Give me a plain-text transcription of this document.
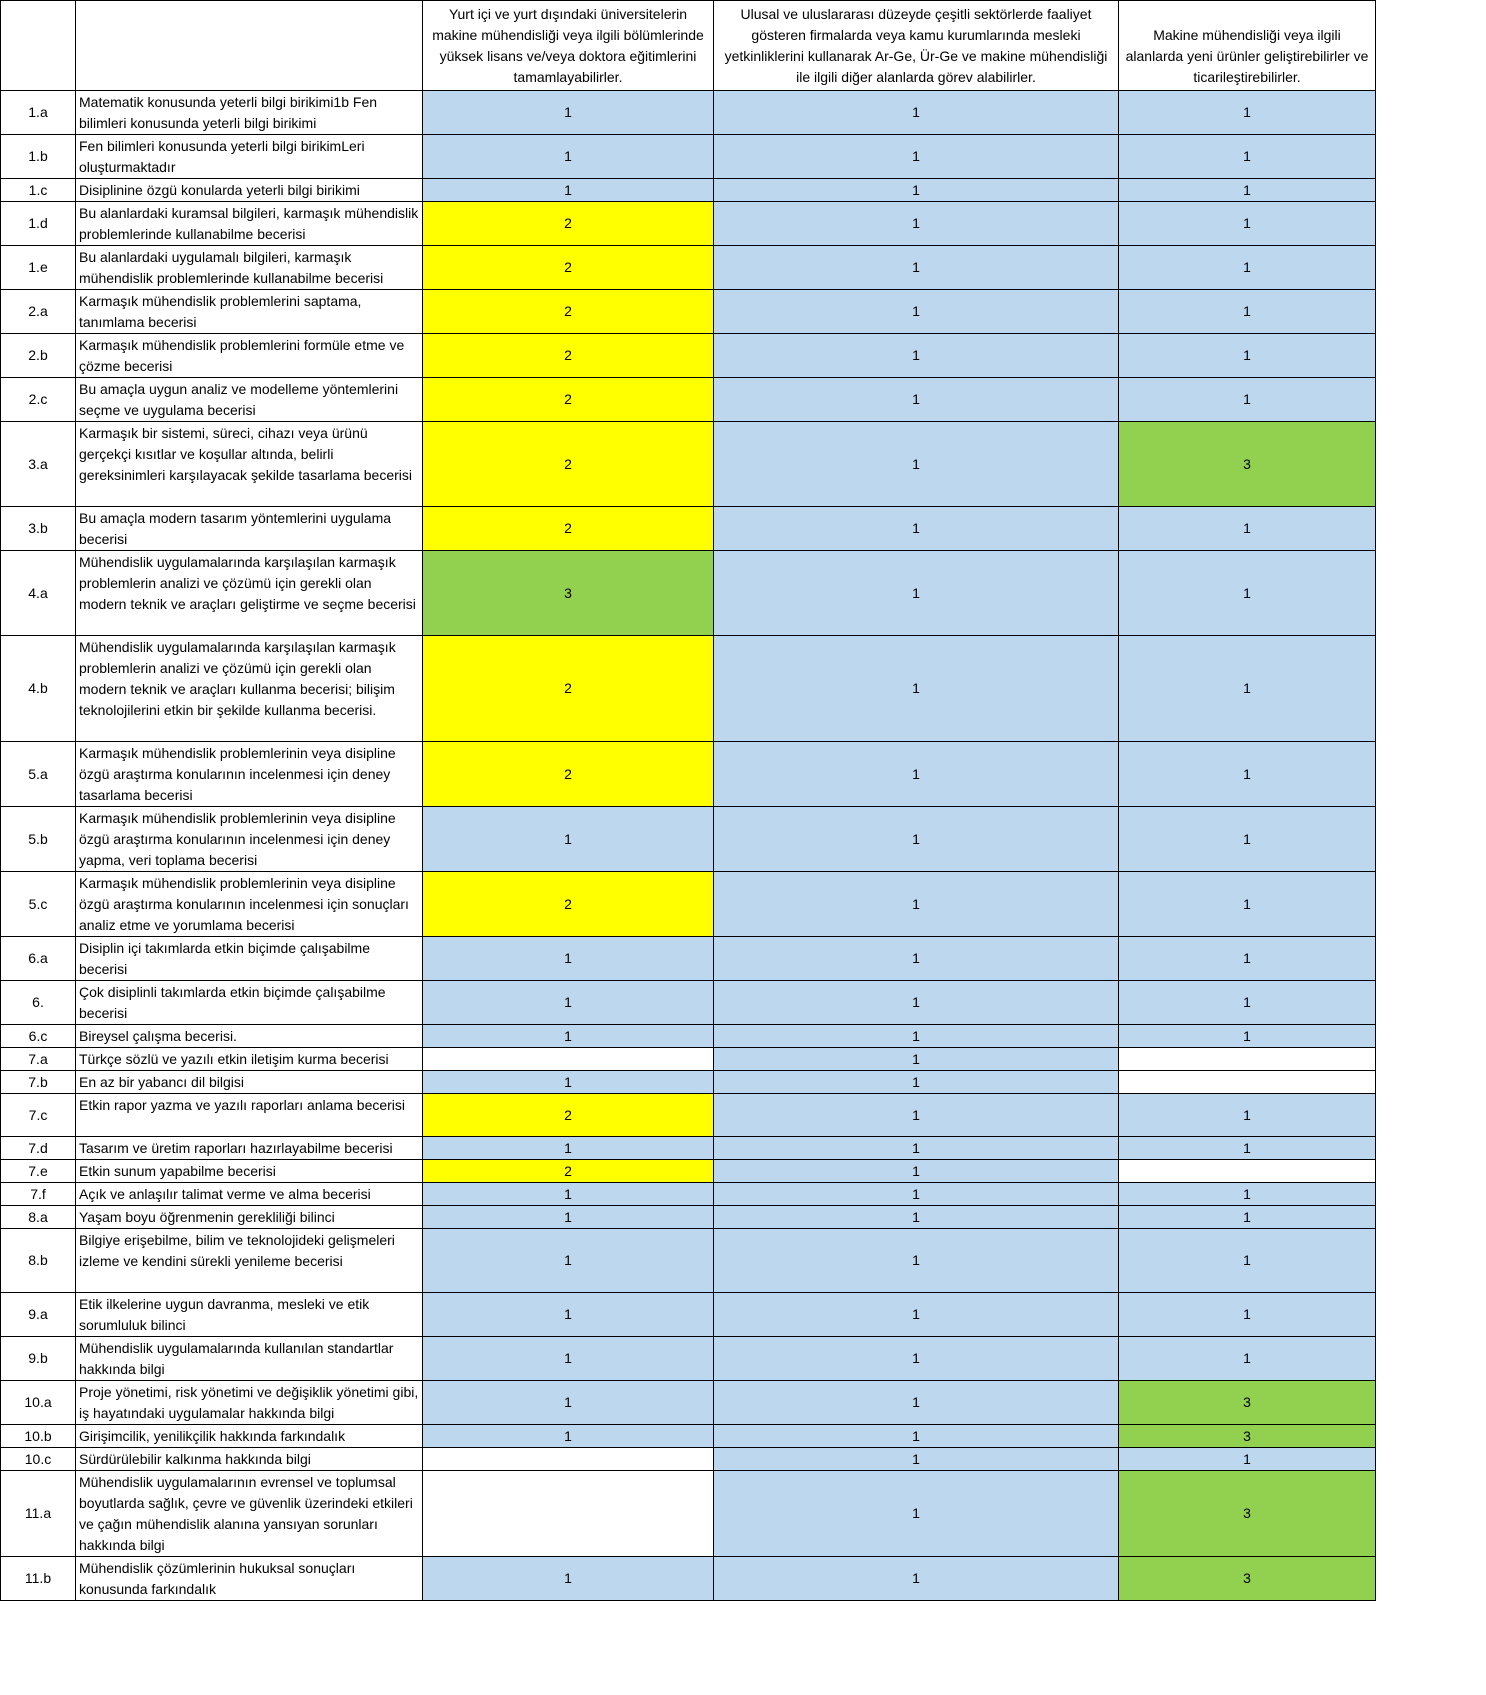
		Yurt içi ve yurt dışındaki üniversitelerin makine mühendisliği veya ilgili bölümlerinde yüksek lisans ve/veya doktora eğitimlerini tamamlayabilirler.	Ulusal ve uluslararası düzeyde çeşitli sektörlerde faaliyet gösteren firmalarda veya kamu kurumlarında mesleki yetkinliklerini kullanarak Ar-Ge, Ür-Ge ve makine mühendisliği ile ilgili diğer alanlarda görev alabilirler.	Makine mühendisliği veya ilgili alanlarda yeni ürünler geliştirebilirler ve ticarileştirebilirler.
1.a	Matematik konusunda yeterli bilgi birikimi1b Fen bilimleri konusunda yeterli bilgi birikimi	1	1	1
1.b	Fen bilimleri konusunda yeterli bilgi birikimLeri oluşturmaktadır	1	1	1
1.c	Disiplinine özgü konularda yeterli bilgi birikimi	1	1	1
1.d	Bu alanlardaki kuramsal bilgileri, karmaşık mühendislik problemlerinde kullanabilme becerisi	2	1	1
1.e	Bu alanlardaki uygulamalı bilgileri, karmaşık mühendislik problemlerinde kullanabilme becerisi	2	1	1
2.a	Karmaşık mühendislik problemlerini saptama, tanımlama becerisi	2	1	1
2.b	Karmaşık mühendislik problemlerini formüle etme ve çözme becerisi	2	1	1
2.c	Bu amaçla uygun analiz ve modelleme yöntemlerini seçme ve uygulama becerisi	2	1	1
3.a	Karmaşık bir sistemi, süreci, cihazı veya ürünü gerçekçi kısıtlar ve koşullar altında, belirli gereksinimleri karşılayacak şekilde tasarlama becerisi	2	1	3
3.b	Bu amaçla modern tasarım yöntemlerini uygulama becerisi	2	1	1
4.a	Mühendislik uygulamalarında karşılaşılan karmaşık problemlerin analizi ve çözümü için gerekli olan modern teknik ve araçları geliştirme ve seçme becerisi	3	1	1
4.b	Mühendislik uygulamalarında karşılaşılan karmaşık problemlerin analizi ve çözümü için gerekli olan modern teknik ve araçları kullanma becerisi; bilişim teknolojilerini etkin bir şekilde kullanma becerisi.	2	1	1
5.a	Karmaşık mühendislik problemlerinin veya disipline özgü araştırma konularının incelenmesi için deney tasarlama becerisi	2	1	1
5.b	Karmaşık mühendislik problemlerinin veya disipline özgü araştırma konularının incelenmesi için deney yapma, veri toplama becerisi	1	1	1
5.c	Karmaşık mühendislik problemlerinin veya disipline özgü araştırma konularının incelenmesi için sonuçları analiz etme ve yorumlama becerisi	2	1	1
6.a	Disiplin içi takımlarda etkin biçimde çalışabilme becerisi	1	1	1
6.	Çok disiplinli takımlarda etkin biçimde çalışabilme becerisi	1	1	1
6.c	Bireysel çalışma becerisi.	1	1	1
7.a	Türkçe sözlü ve yazılı etkin iletişim kurma becerisi		1	
7.b	En az bir yabancı dil bilgisi	1	1	
7.c	Etkin rapor yazma ve yazılı raporları anlama becerisi	2	1	1
7.d	Tasarım ve üretim raporları hazırlayabilme becerisi	1	1	1
7.e	Etkin sunum yapabilme becerisi	2	1	
7.f	Açık ve anlaşılır talimat verme ve alma becerisi	1	1	1
8.a	Yaşam boyu öğrenmenin gerekliliği bilinci	1	1	1
8.b	Bilgiye erişebilme, bilim ve teknolojideki gelişmeleri izleme ve kendini sürekli yenileme becerisi	1	1	1
9.a	Etik ilkelerine uygun davranma, mesleki ve etik sorumluluk bilinci	1	1	1
9.b	Mühendislik uygulamalarında kullanılan standartlar hakkında bilgi	1	1	1
10.a	Proje yönetimi, risk yönetimi ve değişiklik yönetimi gibi, iş hayatındaki uygulamalar hakkında bilgi	1	1	3
10.b	Girişimcilik, yenilikçilik hakkında farkındalık	1	1	3
10.c	Sürdürülebilir kalkınma hakkında bilgi		1	1
11.a	Mühendislik uygulamalarının evrensel ve toplumsal boyutlarda sağlık, çevre ve güvenlik üzerindeki etkileri ve çağın mühendislik alanına yansıyan sorunları hakkında bilgi		1	3
11.b	Mühendislik çözümlerinin hukuksal sonuçları konusunda farkındalık	1	1	3
